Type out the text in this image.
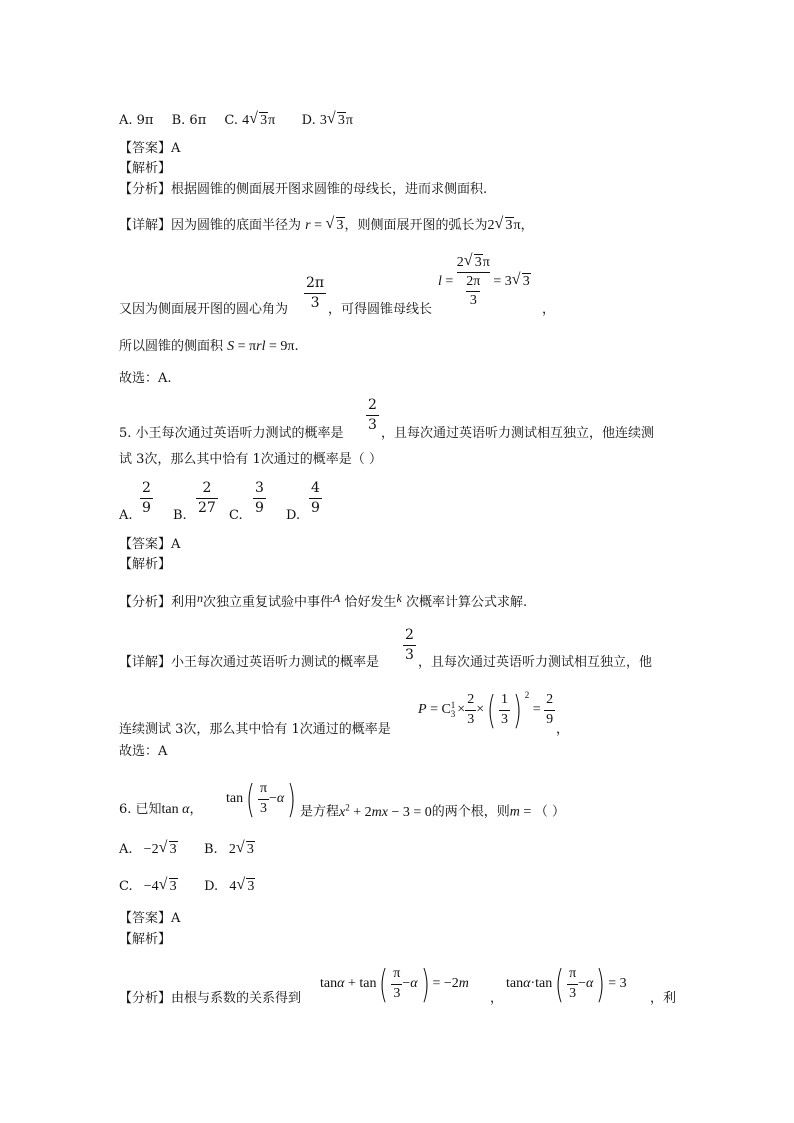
A. 9π B. 6π C. 4 √ 3π D. 3 √ 3π
【答案】A
【解析】
【分析】根据圆锥的侧面展开图求圆锥的母线长，进而求侧面积.
【详解】因为圆锥的底面半径为 r = √ 3，则侧面展开图的弧长为2 √ 3π，
l =
2 √ 3π
2π
3
= 3 √ 3
2π
3
又因为侧面展开图的圆心角为	，可得圆锥母线长	，
所以圆锥的侧面积 S = πrl = 9π.
故选：A.
2
3
5. 小王每次通过英语听力测试的概率是	，且每次通过英语听力测试相互独立，他连续测
试 3次，那么其中恰有 1次通过的概率是（ ）
A.
2
9 B.
2
27 C.
3
9 D.
4
9
【答案】A
【解析】
【分析】利用n次独立重复试验中事件A 恰好发生k 次概率计算公式求解.
2
3
【详解】小王每次通过英语听力测试的概率是	，且每次通过英语听力测试相互独立，他
P = C 1
3 ×
2
3
× ( 1
3 ) 2
=
2
9
连续测试 3次，那么其中恰有 1次通过的概率是	，
故选：A
tan ( π
3
− α )
6. 已知tan α，	是方程$x^2 + 2mx - 3 = 0$的两个根，则m = （ ）
A.   −2 √ 3 B.   2 √ 3
C.   −4 √ 3 D.   4 √ 3
【答案】A
【解析】
tan α + tan ( π
3
− α ) = −2 m	tan α ·tan ( π
3
− α ) = 3
【分析】由根与系数的关系得到	，	，利
